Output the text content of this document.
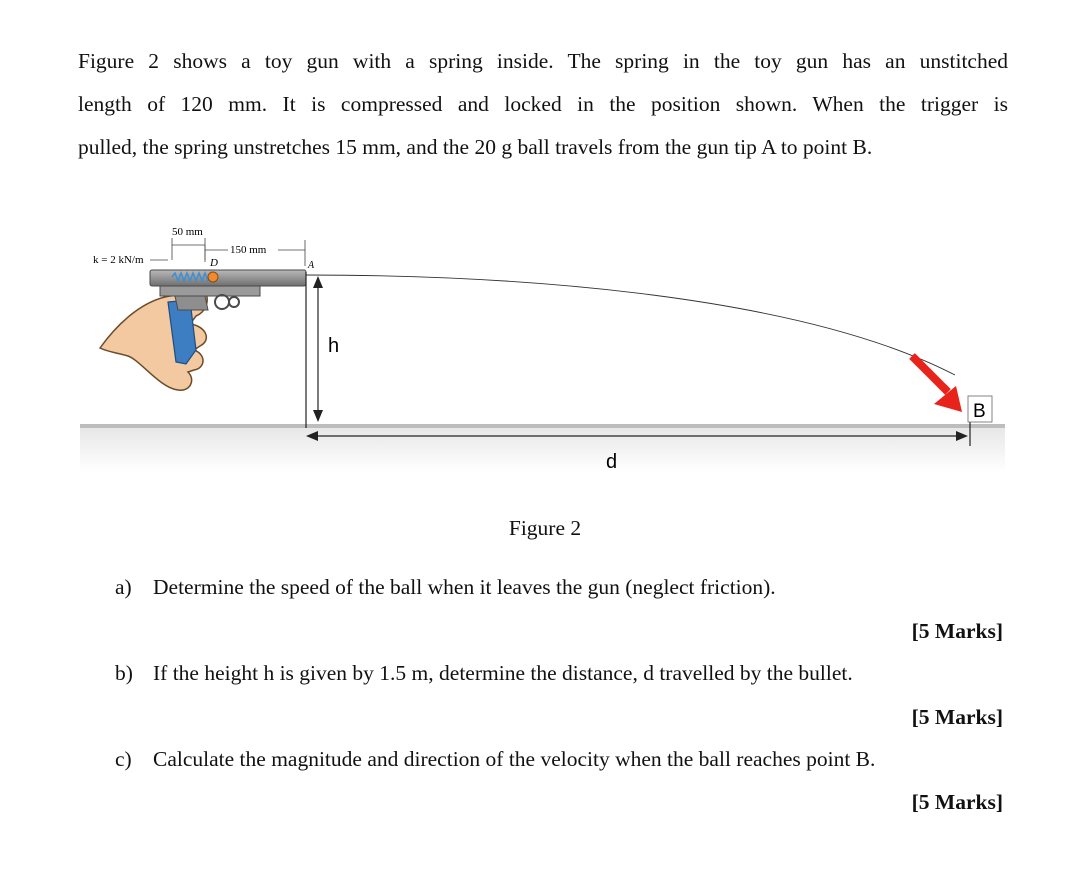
Figure 2 shows a toy gun with a spring inside. The spring in the toy gun has an unstitched
length of 120 mm. It is compressed and locked in the position shown. When the trigger is
pulled, the spring unstretches 15 mm, and the 20 g ball travels from the gun tip A to point B.
50 mm
150 mm
k = 2 kN/m	D	A
h
d
B
Figure 2
a) Determine the speed of the ball when it leaves the gun (neglect friction).
[5 Marks]
b) If the height h is given by 1.5 m, determine the distance, d travelled by the bullet.
[5 Marks]
c) Calculate the magnitude and direction of the velocity when the ball reaches point B.
[5 Marks]
